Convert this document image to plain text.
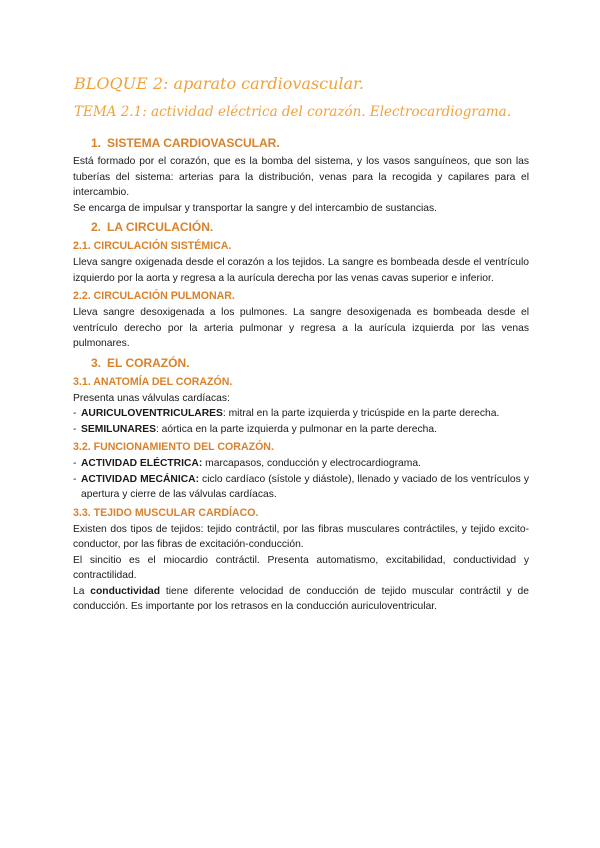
BLOQUE 2: aparato cardiovascular.
TEMA 2.1: actividad eléctrica del corazón. Electrocardiograma.
1. SISTEMA CARDIOVASCULAR.

Está formado por el corazón, que es la bomba del sistema, y los vasos sanguíneos, que son las tuberías del sistema: arterias para la distribución, venas para la recogida y capilares para el intercambio.

Se encarga de impulsar y transportar la sangre y del intercambio de sustancias.

2. LA CIRCULACIÓN.
2.1. CIRCULACIÓN SISTÉMICA.

Lleva sangre oxigenada desde el corazón a los tejidos. La sangre es bombeada desde el ventrículo izquierdo por la aorta y regresa a la aurícula derecha por las venas cavas superior e inferior.

2.2. CIRCULACIÓN PULMONAR.

Lleva sangre desoxigenada a los pulmones. La sangre desoxigenada es bombeada desde el ventrículo derecho por la arteria pulmonar y regresa a la aurícula izquierda por las venas pulmonares.

3. EL CORAZÓN.
3.1. ANATOMÍA DEL CORAZÓN.

Presenta unas válvulas cardíacas:

- AURICULOVENTRICULARES: mitral en la parte izquierda y tricúspide en la parte derecha.
- SEMILUNARES: aórtica en la parte izquierda y pulmonar en la parte derecha.
3.2. FUNCIONAMIENTO DEL CORAZÓN.
- ACTIVIDAD ELÉCTRICA: marcapasos, conducción y electrocardiograma.
- ACTIVIDAD MECÁNICA: ciclo cardíaco (sístole y diástole), llenado y vaciado de los ventrículos y apertura y cierre de las válvulas cardíacas.
3.3. TEJIDO MUSCULAR CARDÍACO.

Existen dos tipos de tejidos: tejido contráctil, por las fibras musculares contráctiles, y tejido excito-conductor, por las fibras de excitación-conducción.

El sincitio es el miocardio contráctil. Presenta automatismo, excitabilidad, conductividad y contractilidad.

La conductividad tiene diferente velocidad de conducción de tejido muscular contráctil y de conducción. Es importante por los retrasos en la conducción auriculoventricular.
